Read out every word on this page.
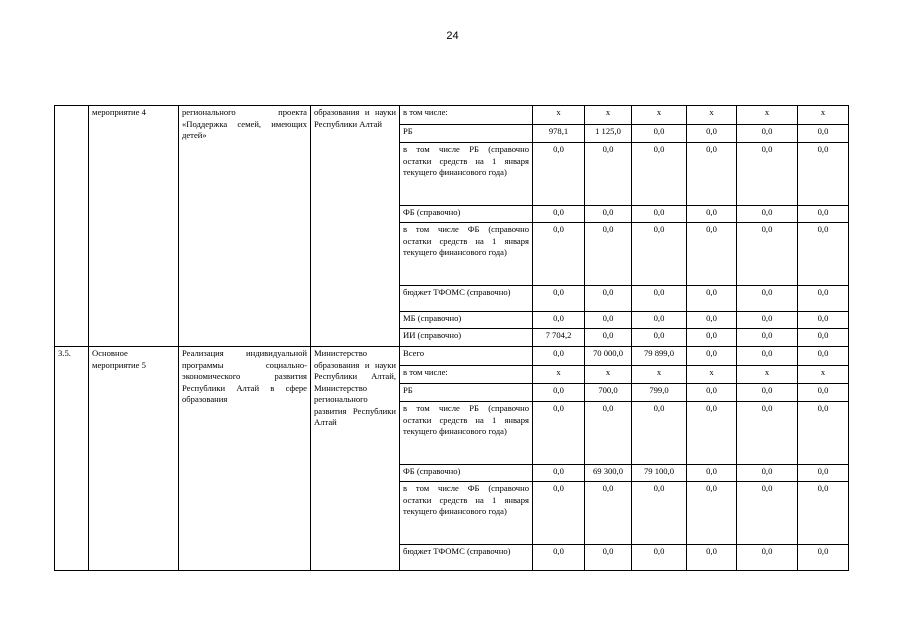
24
	мероприятие 4	регионального проекта «Поддержка семей, имеющих детей»	образования и науки Республики Алтай	в том числе:	x	x	x	x	x	x
				РБ	978,1	1 125,0	0,0	0,0	0,0	0,0
				в том числе РБ (справочно остатки средств на 1 января текущего финансового года)	0,0	0,0	0,0	0,0	0,0	0,0
				ФБ (справочно)	0,0	0,0	0,0	0,0	0,0	0,0
				в том числе ФБ (справочно остатки средств на 1 января текущего финансового года)	0,0	0,0	0,0	0,0	0,0	0,0
				бюджет ТФОМС (справочно)	0,0	0,0	0,0	0,0	0,0	0,0
				МБ (справочно)	0,0	0,0	0,0	0,0	0,0	0,0
				ИИ (справочно)	7 704,2	0,0	0,0	0,0	0,0	0,0
3.5.	Основное мероприятие 5	Реализация индивидуальной программы социально-экономического развития Республики Алтай в сфере образования	Министерство образования и науки Республики Алтай, Министерство регионального развития Республики Алтай	Всего	0,0	70 000,0	79 899,0	0,0	0,0	0,0
				в том числе:	x	x	x	x	x	x
				РБ	0,0	700,0	799,0	0,0	0,0	0,0
				в том числе РБ (справочно остатки средств на 1 января текущего финансового года)	0,0	0,0	0,0	0,0	0,0	0,0
				ФБ (справочно)	0,0	69 300,0	79 100,0	0,0	0,0	0,0
				в том числе ФБ (справочно остатки средств на 1 января текущего финансового года)	0,0	0,0	0,0	0,0	0,0	0,0
				бюджет ТФОМС (справочно)	0,0	0,0	0,0	0,0	0,0	0,0
